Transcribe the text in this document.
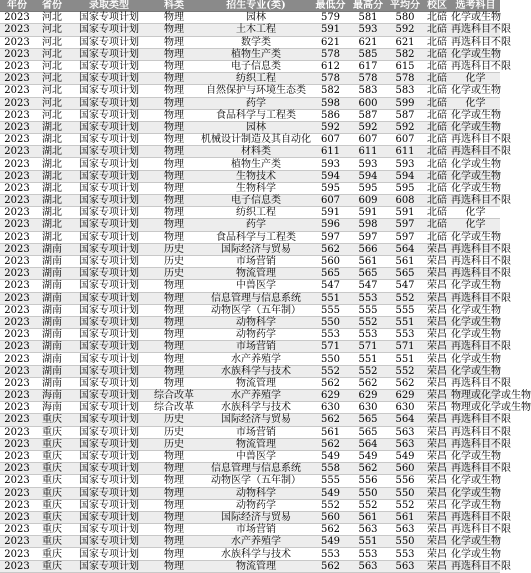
年份	省份	录取类型	科类	招生专业(类)	最低分	最高分	平均分	校区	选考科目
2023	河北	国家专项计划	物理	园林	579	581	580	北碚	化学或生物
2023	河北	国家专项计划	物理	土木工程	591	593	592	北碚	再选科目不限
2023	河北	国家专项计划	物理	数学类	621	621	621	北碚	再选科目不限
2023	河北	国家专项计划	物理	植物生产类	578	585	582	北碚	化学或生物
2023	河北	国家专项计划	物理	电子信息类	612	617	615	北碚	再选科目不限
2023	河北	国家专项计划	物理	纺织工程	578	578	578	北碚	化学
2023	河北	国家专项计划	物理	自然保护与环境生态类	582	583	583	北碚	化学或生物
2023	河北	国家专项计划	物理	药学	598	600	599	北碚	化学
2023	河北	国家专项计划	物理	食品科学与工程类	586	587	587	北碚	化学或生物
2023	湖北	国家专项计划	物理	园林	592	592	592	北碚	化学或生物
2023	湖北	国家专项计划	物理	机械设计制造及其自动化	607	607	607	北碚	再选科目不限
2023	湖北	国家专项计划	物理	材料类	611	611	611	北碚	再选科目不限
2023	湖北	国家专项计划	物理	植物生产类	593	593	593	北碚	化学或生物
2023	湖北	国家专项计划	物理	生物技术	594	594	594	北碚	化学或生物
2023	湖北	国家专项计划	物理	生物科学	595	595	595	北碚	化学或生物
2023	湖北	国家专项计划	物理	电子信息类	607	609	608	北碚	再选科目不限
2023	湖北	国家专项计划	物理	纺织工程	591	591	591	北碚	化学
2023	湖北	国家专项计划	物理	药学	596	598	597	北碚	化学
2023	湖北	国家专项计划	物理	食品科学与工程类	597	597	597	北碚	化学或生物
2023	湖南	国家专项计划	历史	国际经济与贸易	562	566	564	荣昌	再选科目不限
2023	湖南	国家专项计划	历史	市场营销	560	561	561	荣昌	再选科目不限
2023	湖南	国家专项计划	历史	物流管理	565	565	565	荣昌	再选科目不限
2023	湖南	国家专项计划	物理	中兽医学	547	547	547	荣昌	化学或生物
2023	湖南	国家专项计划	物理	信息管理与信息系统	551	553	552	荣昌	再选科目不限
2023	湖南	国家专项计划	物理	动物医学（五年制）	555	555	555	荣昌	化学或生物
2023	湖南	国家专项计划	物理	动物科学	550	552	551	荣昌	化学或生物
2023	湖南	国家专项计划	物理	动物药学	553	553	553	荣昌	化学或生物
2023	湖南	国家专项计划	物理	市场营销	571	571	571	荣昌	再选科目不限
2023	湖南	国家专项计划	物理	水产养殖学	550	551	551	荣昌	化学或生物
2023	湖南	国家专项计划	物理	水族科学与技术	552	552	552	荣昌	化学或生物
2023	湖南	国家专项计划	物理	物流管理	562	562	562	荣昌	再选科目不限
2023	海南	国家专项计划	综合改革	水产养殖学	629	629	629	荣昌	物理或化学或生物
2023	海南	国家专项计划	综合改革	水族科学与技术	630	630	630	荣昌	物理或化学或生物
2023	重庆	国家专项计划	历史	国际经济与贸易	562	565	564	荣昌	再选科目不限
2023	重庆	国家专项计划	历史	市场营销	561	565	563	荣昌	再选科目不限
2023	重庆	国家专项计划	历史	物流管理	562	564	563	荣昌	再选科目不限
2023	重庆	国家专项计划	物理	中兽医学	549	549	549	荣昌	化学或生物
2023	重庆	国家专项计划	物理	信息管理与信息系统	558	562	560	荣昌	再选科目不限
2023	重庆	国家专项计划	物理	动物医学（五年制）	555	556	556	荣昌	化学或生物
2023	重庆	国家专项计划	物理	动物科学	549	550	550	荣昌	化学或生物
2023	重庆	国家专项计划	物理	动物药学	552	552	552	荣昌	化学或生物
2023	重庆	国家专项计划	物理	国际经济与贸易	560	561	561	荣昌	再选科目不限
2023	重庆	国家专项计划	物理	市场营销	562	563	563	荣昌	再选科目不限
2023	重庆	国家专项计划	物理	水产养殖学	549	551	550	荣昌	化学或生物
2023	重庆	国家专项计划	物理	水族科学与技术	553	553	553	荣昌	化学或生物
2023	重庆	国家专项计划	物理	物流管理	562	563	563	荣昌	再选科目不限
